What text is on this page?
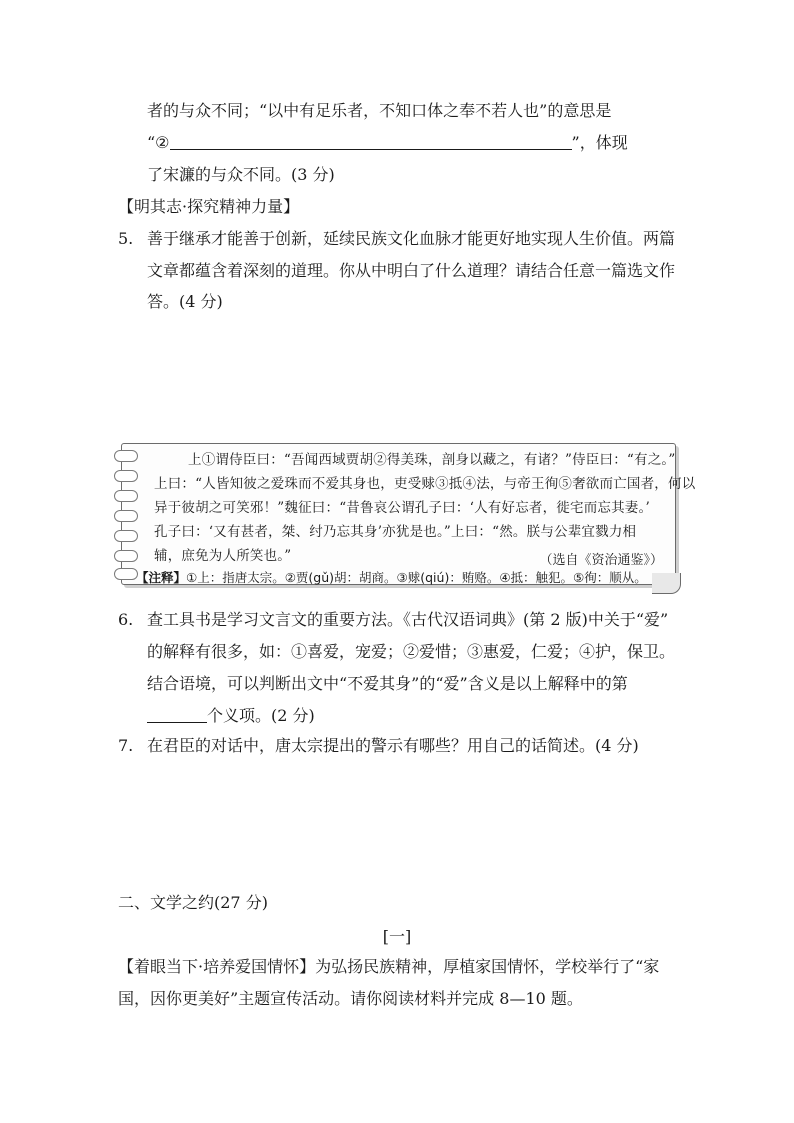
者的与众不同；“以中有足乐者，不知口体之奉不若人也”的意思是
“②	”，体现
了宋濂的与众不同。(3 分)
【明其志·探究精神力量】
5. 善于继承才能善于创新，延续民族文化血脉才能更好地实现人生价值。两篇
文章都蕴含着深刻的道理。你从中明白了什么道理？请结合任意一篇选文作
答。(4 分)
上①谓侍臣曰：“吾闻西域贾胡②得美珠，剖身以藏之，有诸？”侍臣曰：“有之。”
上曰：“人皆知彼之爱珠而不爱其身也，吏受赇③抵④法，与帝王徇⑤奢欲而亡国者，何以
异于彼胡之可笑邪！”魏征曰：“昔鲁哀公谓孔子曰：‘人有好忘者，徙宅而忘其妻。’
孔子曰：‘又有甚者，桀、纣乃忘其身’亦犹是也。”上曰：“然。朕与公辈宜戮力相
辅，庶免为人所笑也。”	（选自《资治通鉴》）
【注释】①上：指唐太宗。②贾(gǔ)胡：胡商。③赇(qiú)：贿赂。④抵：触犯。⑤徇：顺从。
6. 查工具书是学习文言文的重要方法。《古代汉语词典》(第 2 版)中关于“爱”
的解释有很多，如：①喜爱，宠爱；②爱惜；③惠爱，仁爱；④护，保卫。
结合语境，可以判断出文中“不爱其身”的“爱”含义是以上解释中的第
个义项。(2 分)
7. 在君臣的对话中，唐太宗提出的警示有哪些？用自己的话简述。(4 分)
二、文学之约(27 分)
[一]
【着眼当下·培养爱国情怀】为弘扬民族精神，厚植家国情怀，学校举行了“家
国，因你更美好”主题宣传活动。请你阅读材料并完成 8—10 题。
